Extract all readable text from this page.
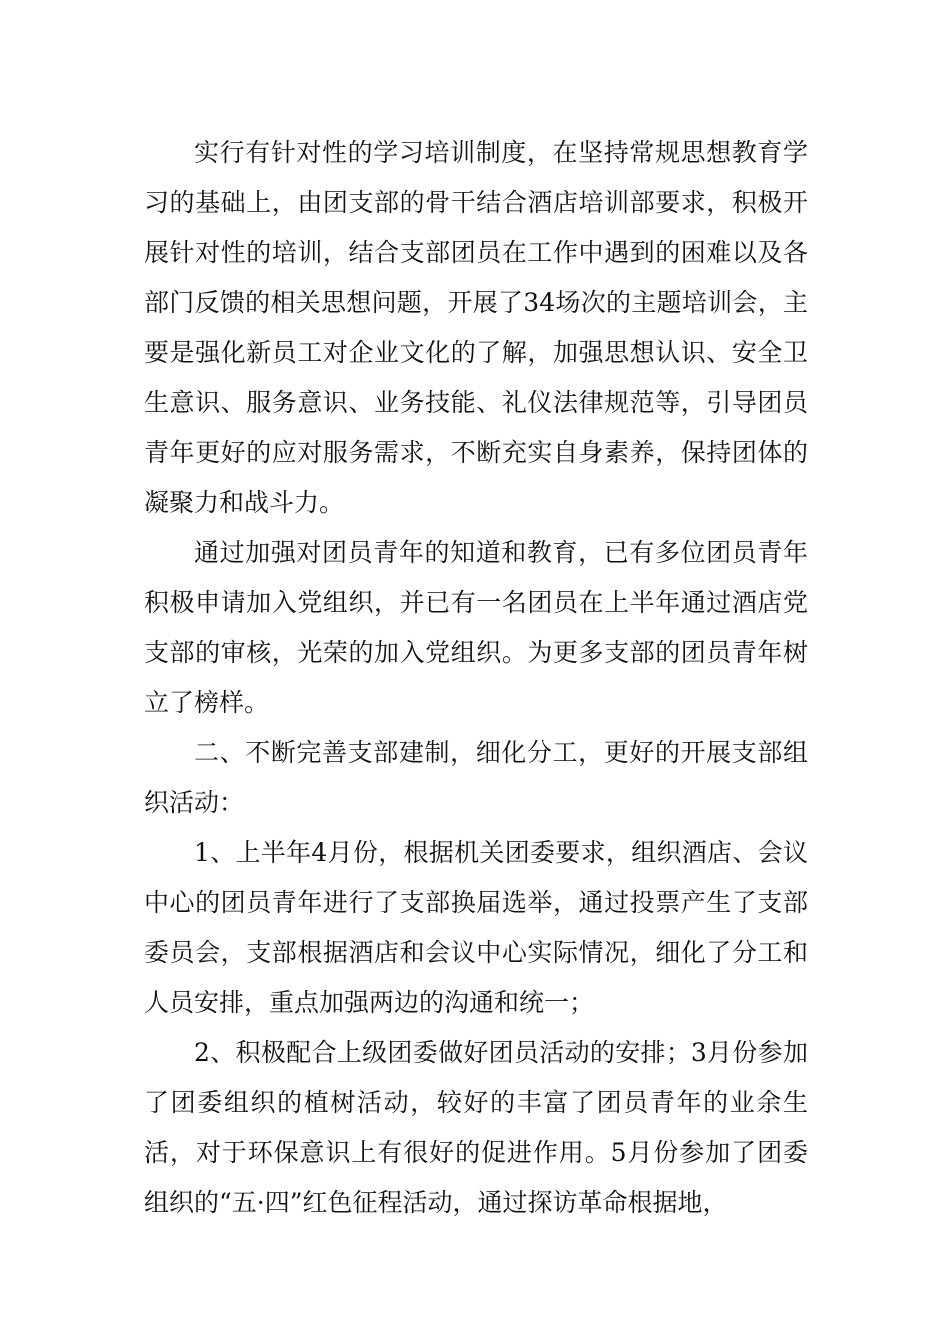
实行有针对性的学习培训制度，在坚持常规思想教育学习的基础上，由团支部的骨干结合酒店培训部要求，积极开展针对性的培训，结合支部团员在工作中遇到的困难以及各部门反馈的相关思想问题，开展了34场次的主题培训会，主要是强化新员工对企业文化的了解，加强思想认识、安全卫生意识、服务意识、业务技能、礼仪法律规范等，引导团员青年更好的应对服务需求，不断充实自身素养，保持团体的凝聚力和战斗力。

通过加强对团员青年的知道和教育，已有多位团员青年积极申请加入党组织，并已有一名团员在上半年通过酒店党支部的审核，光荣的加入党组织。为更多支部的团员青年树立了榜样。

二、不断完善支部建制，细化分工，更好的开展支部组织活动：

1、上半年4月份，根据机关团委要求，组织酒店、会议中心的团员青年进行了支部换届选举，通过投票产生了支部委员会，支部根据酒店和会议中心实际情况，细化了分工和人员安排，重点加强两边的沟通和统一；

2、积极配合上级团委做好团员活动的安排；3月份参加了团委组织的植树活动，较好的丰富了团员青年的业余生活，对于环保意识上有很好的促进作用。5月份参加了团委组织的“五·四”红色征程活动，通过探访革命根据地，
